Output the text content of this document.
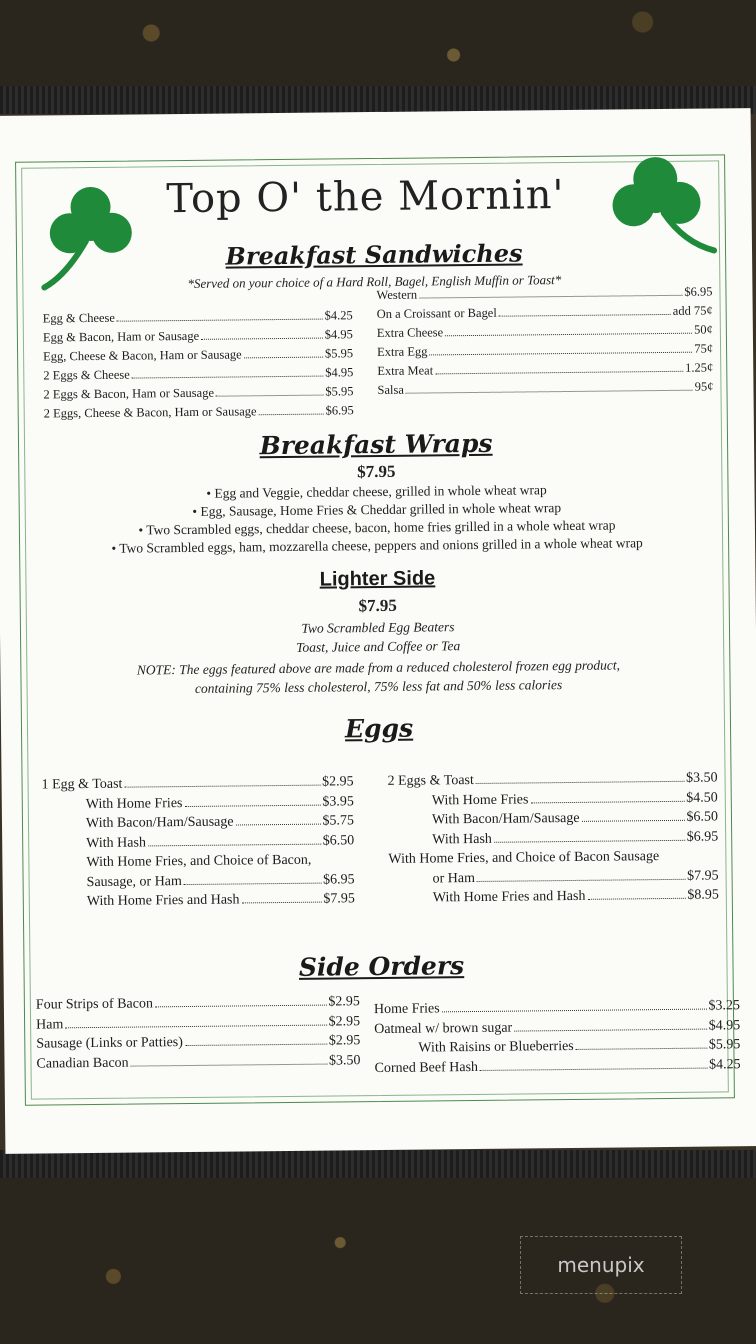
Top O' the Mornin'
Breakfast Sandwiches
*Served on your choice of a Hard Roll, Bagel, English Muffin or Toast*
Egg & Cheese	$4.25
Egg & Bacon, Ham or Sausage	$4.95
Egg, Cheese & Bacon, Ham or Sausage	$5.95
2 Eggs & Cheese	$4.95
2 Eggs & Bacon, Ham or Sausage	$5.95
2 Eggs, Cheese & Bacon, Ham or Sausage	$6.95
Western	$6.95
On a Croissant or Bagel	add 75¢
Extra Cheese	50¢
Extra Egg	75¢
Extra Meat	1.25¢
Salsa	95¢
Breakfast Wraps
$7.95
• Egg and Veggie, cheddar cheese, grilled in whole wheat wrap
• Egg, Sausage, Home Fries & Cheddar grilled in whole wheat wrap
• Two Scrambled eggs, cheddar cheese, bacon, home fries grilled in a whole wheat wrap
• Two Scrambled eggs, ham, mozzarella cheese, peppers and onions grilled in a whole wheat wrap
Lighter Side
$7.95
Two Scrambled Egg Beaters
Toast, Juice and Coffee or Tea
NOTE: The eggs featured above are made from a reduced cholesterol frozen egg product,
containing 75% less cholesterol, 75% less fat and 50% less calories
Eggs
1 Egg & Toast	$2.95
With Home Fries	$3.95
With Bacon/Ham/Sausage	$5.75
With Hash	$6.50
With Home Fries, and Choice of Bacon,
Sausage, or Ham	$6.95
With Home Fries and Hash	$7.95
2 Eggs & Toast	$3.50
With Home Fries	$4.50
With Bacon/Ham/Sausage	$6.50
With Hash	$6.95
With Home Fries, and Choice of Bacon Sausage
or Ham	$7.95
With Home Fries and Hash	$8.95
Side Orders
Four Strips of Bacon	$2.95
Ham	$2.95
Sausage (Links or Patties)	$2.95
Canadian Bacon	$3.50
Home Fries	$3.25
Oatmeal w/ brown sugar	$4.95
With Raisins or Blueberries	$5.95
Corned Beef Hash	$4.25
menupix
